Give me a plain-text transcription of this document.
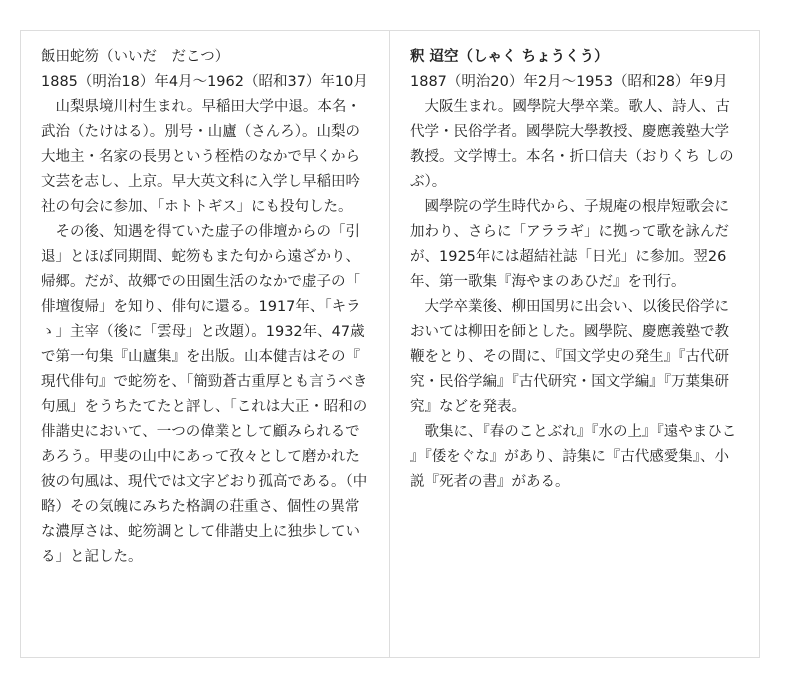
飯田蛇笏（いいだ　だこつ）

1885（明治18）年4月〜1962（昭和37）年10月

山梨県境川村生まれ。早稲田大学中退。本名・武治（たけはる）。別号・山廬（さんろ）。山梨の大地主・名家の長男という桎梏のなかで早くから文芸を志し、上京。早大英文科に入学し早稲田吟社の句会に参加、「ホトトギス」にも投句した。

その後、知遇を得ていた虚子の俳壇からの「引退」とほぼ同期間、蛇笏もまた句から遠ざかり、帰郷。だが、故郷での田園生活のなかで虚子の「俳壇復帰」を知り、俳句に還る。1917年、「キラゝ」主宰（後に「雲母」と改題）。1932年、47歳で第一句集『山廬集』を出版。山本健吉はその『現代俳句』で蛇笏を、「簡勁蒼古重厚とも言うべき句風」をうちたてたと評し、「これは大正・昭和の俳諧史において、一つの偉業として顧みられるであろう。甲斐の山中にあって孜々として磨かれた彼の句風は、現代では文字どおり孤高である。（中略）その気魄にみちた格調の荘重さ、個性の異常な濃厚さは、蛇笏調として俳諧史上に独歩している」と記した。

釈 迢空（しゃく ちょうくう）

1887（明治20）年2月〜1953（昭和28）年9月

大阪生まれ。國學院大學卒業。歌人、詩人、古代学・民俗学者。國學院大學教授、慶應義塾大学教授。文学博士。本名・折口信夫（おりくち しのぶ）。

國學院の学生時代から、子規庵の根岸短歌会に加わり、さらに「アララギ」に拠って歌を詠んだが、1925年には超結社誌「日光」に参加。翌26年、第一歌集『海やまのあひだ』を刊行。

大学卒業後、柳田国男に出会い、以後民俗学においては柳田を師とした。國學院、慶應義塾で教鞭をとり、その間に、『国文学史の発生』『古代研究・民俗学編』『古代研究・国文学編』『万葉集研究』などを発表。

歌集に、『春のことぶれ』『水の上』『遠やまひこ』『倭をぐな』があり、詩集に『古代感愛集』、小説『死者の書』がある。
